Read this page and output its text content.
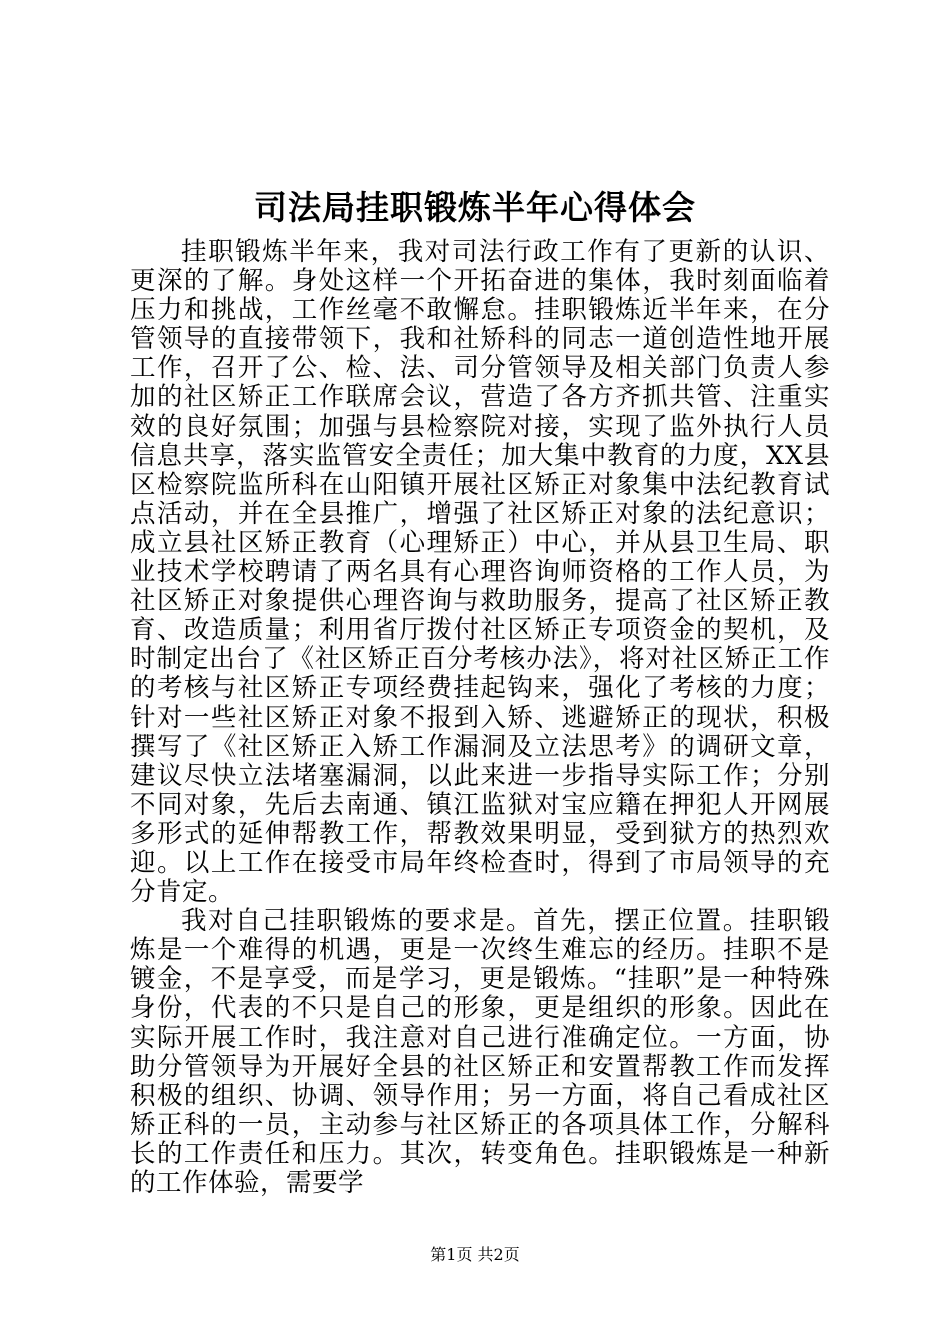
司法局挂职锻炼半年心得体会

挂职锻炼半年来，我对司法行政工作有了更新的认识、更深的了解。身处这样一个开拓奋进的集体，我时刻面临着压力和挑战，工作丝毫不敢懈怠。挂职锻炼近半年来，在分管领导的直接带领下，我和社矫科的同志一道创造性地开展工作，召开了公、检、法、司分管领导及相关部门负责人参加的社区矫正工作联席会议，营造了各方齐抓共管、注重实效的良好氛围；加强与县检察院对接，实现了监外执行人员信息共享，落实监管安全责任；加大集中教育的力度，XX县区检察院监所科在山阳镇开展社区矫正对象集中法纪教育试点活动，并在全县推广，增强了社区矫正对象的法纪意识；成立县社区矫正教育（心理矫正）中心，并从县卫生局、职业技术学校聘请了两名具有心理咨询师资格的工作人员，为社区矫正对象提供心理咨询与救助服务，提高了社区矫正教育、改造质量；利用省厅拨付社区矫正专项资金的契机，及时制定出台了《社区矫正百分考核办法》，将对社区矫正工作的考核与社区矫正专项经费挂起钩来，强化了考核的力度；针对一些社区矫正对象不报到入矫、逃避矫正的现状，积极撰写了《社区矫正入矫工作漏洞及立法思考》的调研文章，建议尽快立法堵塞漏洞，以此来进一步指导实际工作；分别不同对象，先后去南通、镇江监狱对宝应籍在押犯人开网展多形式的延伸帮教工作，帮教效果明显，受到狱方的热烈欢迎。以上工作在接受市局年终检查时，得到了市局领导的充分肯定。

我对自己挂职锻炼的要求是。首先，摆正位置。挂职锻炼是一个难得的机遇，更是一次终生难忘的经历。挂职不是镀金，不是享受，而是学习，更是锻炼。“挂职”是一种特殊身份，代表的不只是自己的形象，更是组织的形象。因此在实际开展工作时，我注意对自己进行准确定位。一方面，协助分管领导为开展好全县的社区矫正和安置帮教工作而发挥积极的组织、协调、领导作用；另一方面，将自己看成社区矫正科的一员，主动参与社区矫正的各项具体工作，分解科长的工作责任和压力。其次，转变角色。挂职锻炼是一种新的工作体验，需要学

第1页 共2页
